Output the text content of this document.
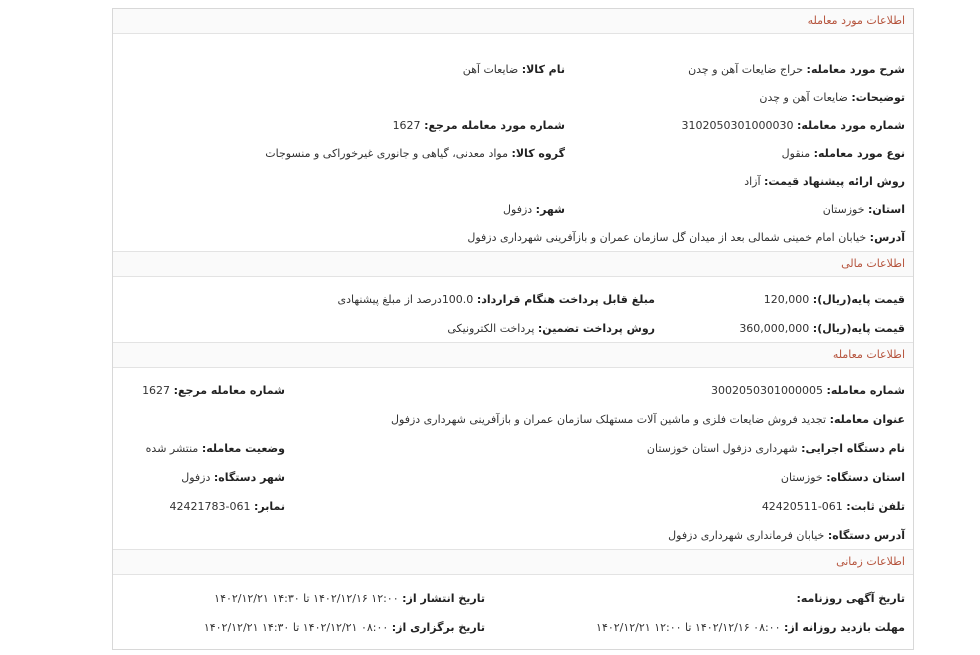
اطلاعات مورد معامله
شرح مورد معامله: حراج ضایعات آهن و چدن
نام کالا: ضایعات آهن
توضیحات: ضایعات آهن و چدن
شماره مورد معامله: 3102050301000030
شماره مورد معامله مرجع: 1627
نوع مورد معامله: منقول
گروه کالا: مواد معدنی، گیاهی و جانوری غیرخوراکی و منسوجات
روش ارائه پیشنهاد قیمت: آزاد
استان: خوزستان
شهر: دزفول
آدرس: خیابان امام خمینی شمالی بعد از میدان گل سازمان عمران و بازآفرینی شهرداری دزفول
اطلاعات مالی
قیمت پایه(ریال): 120,000
مبلغ قابل پرداخت هنگام قرارداد: 100.0درصد از مبلغ پیشنهادی
قیمت پایه(ریال): 360,000,000
روش پرداخت تضمین: پرداخت الکترونیکی
اطلاعات معامله
شماره معامله: 3002050301000005
شماره معامله مرجع: 1627
عنوان معامله: تجدید فروش ضایعات فلزی و ماشین آلات مستهلک سازمان عمران و بازآفرینی شهرداری دزفول
نام دستگاه اجرایی: شهرداری دزفول استان خوزستان
وضعیت معامله: منتشر شده
استان دستگاه: خوزستان
شهر دستگاه: دزفول
تلفن ثابت: 061-42420511
نمابر: 061-42421783
آدرس دستگاه: خیابان فرمانداری شهرداری دزفول
اطلاعات زمانی
تاریخ آگهی روزنامه:
تاریخ انتشار از: ۱۲:۰۰ ۱۴۰۲/۱۲/۱۶ تا ۱۴:۳۰ ۱۴۰۲/۱۲/۲۱
مهلت بازدید روزانه از: ۰۸:۰۰ ۱۴۰۲/۱۲/۱۶ تا ۱۲:۰۰ ۱۴۰۲/۱۲/۲۱
تاریخ برگزاری از: ۰۸:۰۰ ۱۴۰۲/۱۲/۲۱ تا ۱۴:۳۰ ۱۴۰۲/۱۲/۲۱
